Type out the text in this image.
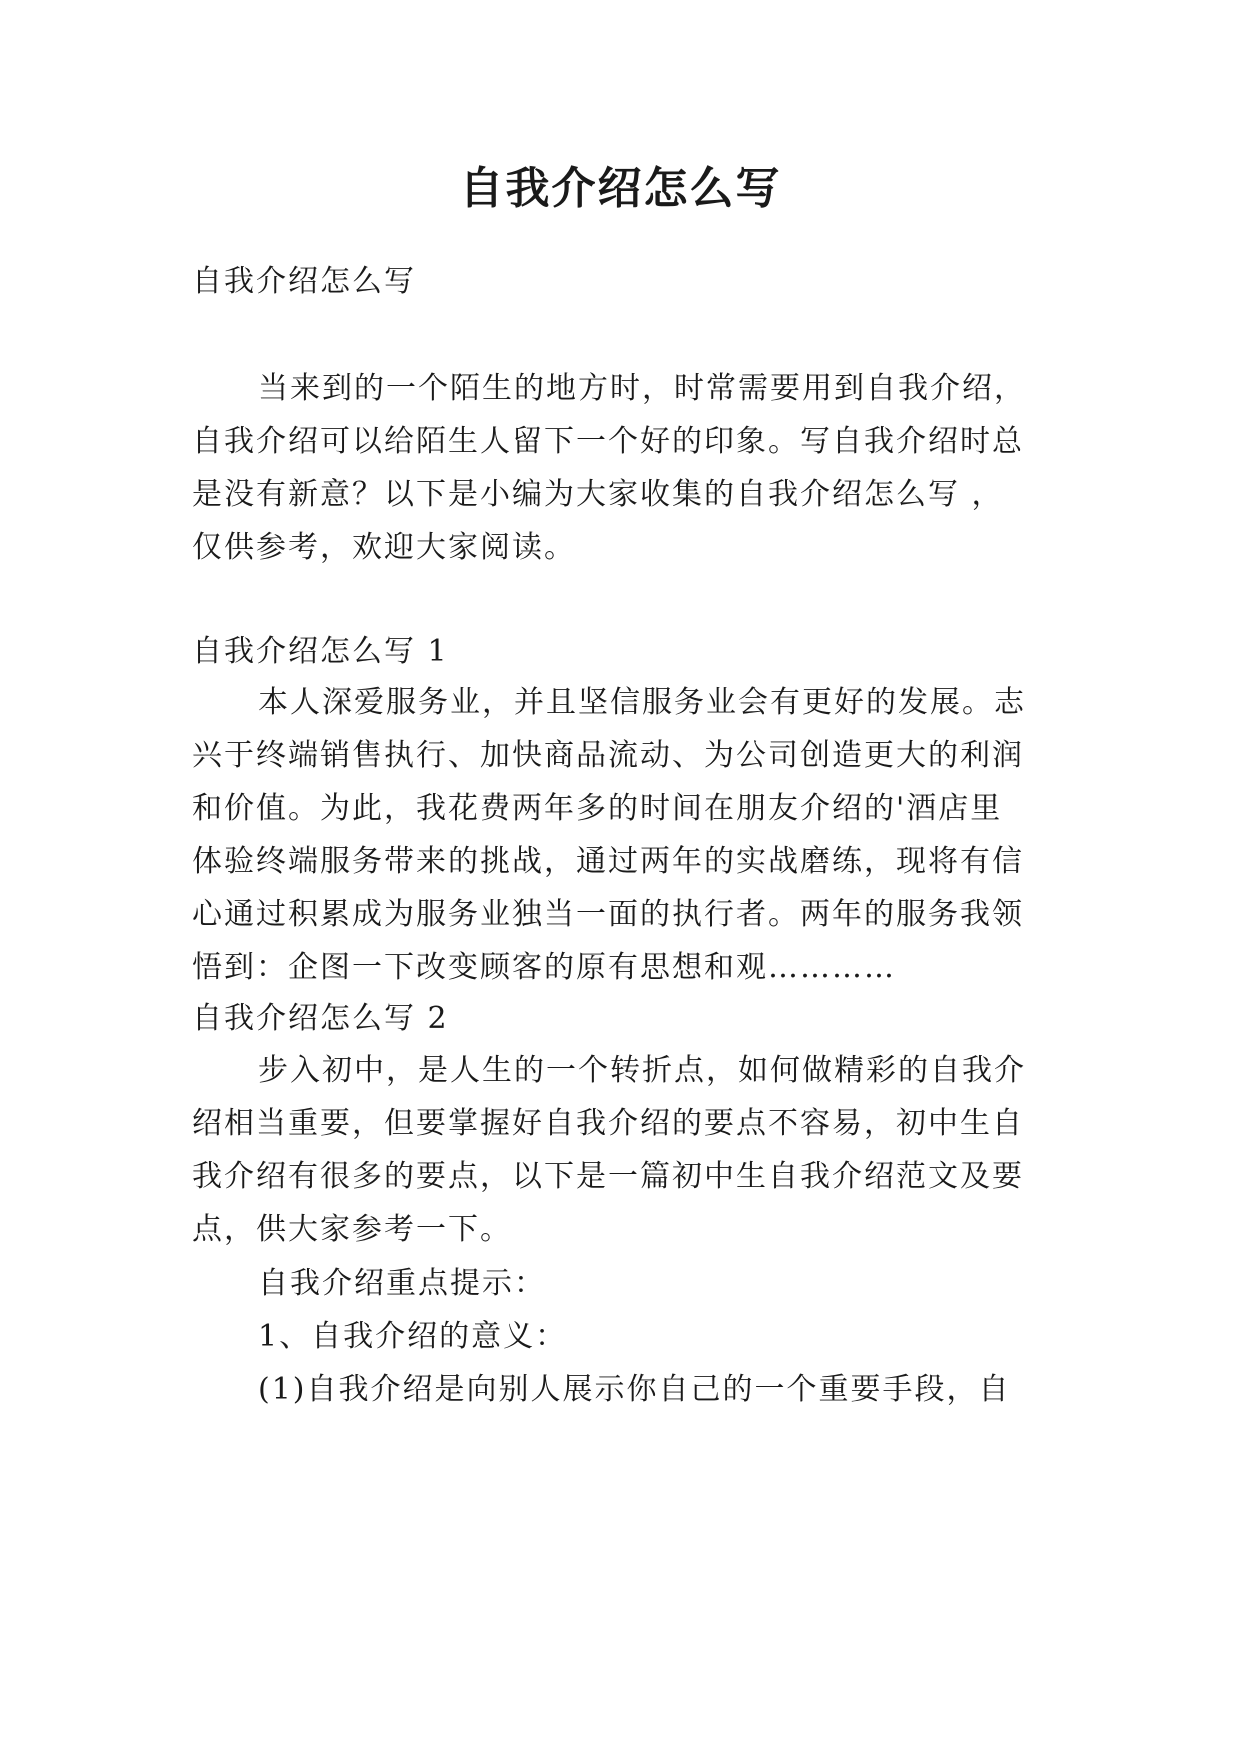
自我介绍怎么写
自我介绍怎么写
当来到的一个陌生的地方时，时常需要用到自我介绍，
自我介绍可以给陌生人留下一个好的印象。写自我介绍时总
是没有新意？以下是小编为大家收集的自我介绍怎么写 ，
仅供参考，欢迎大家阅读。
自我介绍怎么写 1
本人深爱服务业，并且坚信服务业会有更好的发展。志
兴于终端销售执行、加快商品流动、为公司创造更大的利润
和价值。为此，我花费两年多的时间在朋友介绍的'酒店里
体验终端服务带来的挑战，通过两年的实战磨练，现将有信
心通过积累成为服务业独当一面的执行者。两年的服务我领
悟到：企图一下改变顾客的原有思想和观…………
自我介绍怎么写 2
步入初中，是人生的一个转折点，如何做精彩的自我介
绍相当重要，但要掌握好自我介绍的要点不容易，初中生自
我介绍有很多的要点，以下是一篇初中生自我介绍范文及要
点，供大家参考一下。
自我介绍重点提示：
1、自我介绍的意义：
(1)自我介绍是向别人展示你自己的一个重要手段，自
